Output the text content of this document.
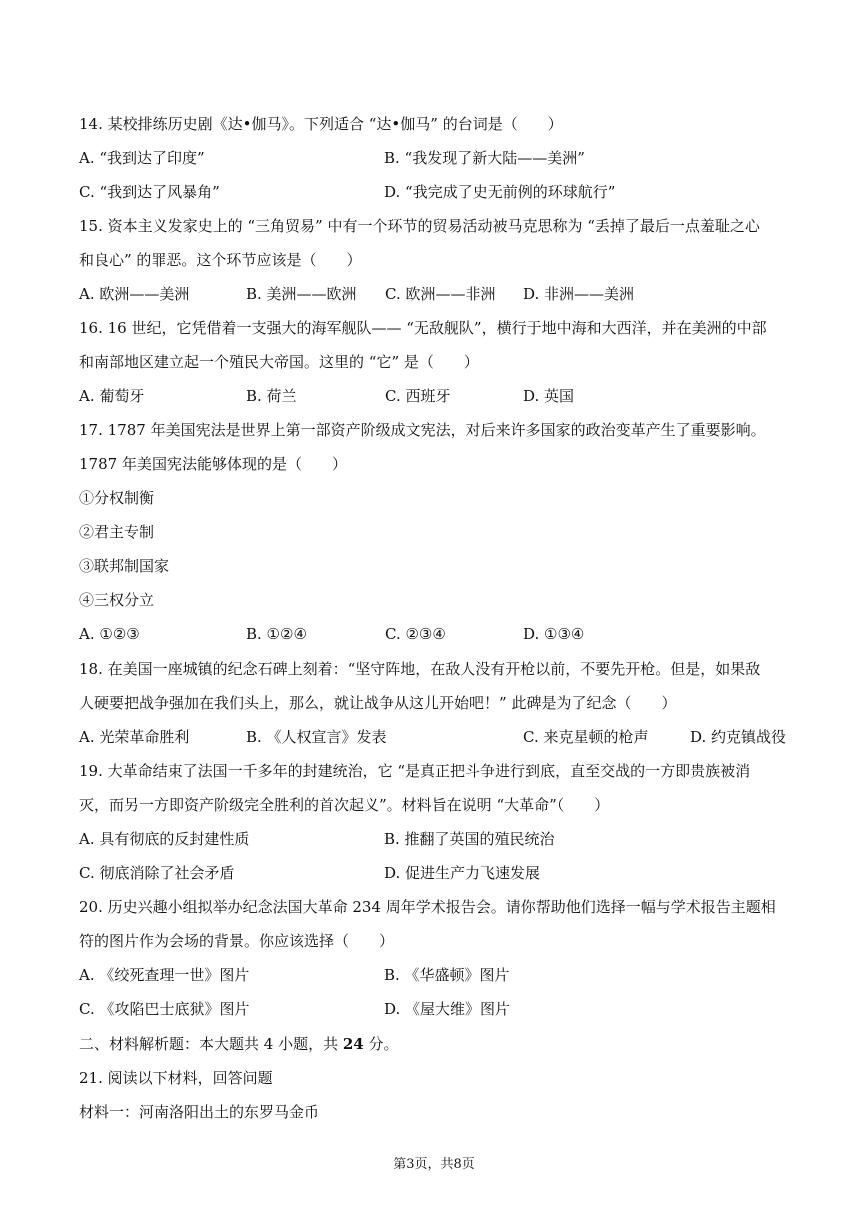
14. 某校排练历史剧《达•伽马》。下列适合 “达•伽马” 的台词是（　　）
A. “我到达了印度”	B. “我发现了新大陆——美洲”
C. “我到达了风暴角”	D. “我完成了史无前例的环球航行”
15. 资本主义发家史上的 “三角贸易” 中有一个环节的贸易活动被马克思称为 “丢掉了最后一点羞耻之心
和良心” 的罪恶。这个环节应该是（　　）
A. 欧洲——美洲	B. 美洲——欧洲 C. 欧洲——非洲 D. 非洲——美洲
16. 16 世纪，它凭借着一支强大的海军舰队—— “无敌舰队”，横行于地中海和大西洋，并在美洲的中部
和南部地区建立起一个殖民大帝国。这里的 “它” 是（　　）
A. 葡萄牙	B. 荷兰	C. 西班牙	D. 英国
17. 1787 年美国宪法是世界上第一部资产阶级成文宪法，对后来许多国家的政治变革产生了重要影响。
1787 年美国宪法能够体现的是（　　）
①分权制衡
②君主专制
③联邦制国家
④三权分立
A. ①②③	B. ①②④	C. ②③④	D. ①③④
18. 在美国一座城镇的纪念石碑上刻着：“坚守阵地，在敌人没有开枪以前，不要先开枪。但是，如果敌
人硬要把战争强加在我们头上，那么，就让战争从这儿开始吧！” 此碑是为了纪念（　　）
A. 光荣革命胜利	B. 《人权宣言》发表	C. 来克星顿的枪声	D. 约克镇战役
19. 大革命结束了法国一千多年的封建统治，它 “是真正把斗争进行到底，直至交战的一方即贵族被消
灭，而另一方即资产阶级完全胜利的首次起义”。材料旨在说明 “大革命”（　　）
A. 具有彻底的反封建性质	B. 推翻了英国的殖民统治
C. 彻底消除了社会矛盾	D. 促进生产力飞速发展
20. 历史兴趣小组拟举办纪念法国大革命 234 周年学术报告会。请你帮助他们选择一幅与学术报告主题相
符的图片作为会场的背景。你应该选择（　　）
A. 《绞死查理一世》图片	B. 《华盛顿》图片
C. 《攻陷巴士底狱》图片	D. 《屋大维》图片
二、材料解析题：本大题共 4 小题，共 24 分。
21. 阅读以下材料，回答问题
材料一：河南洛阳出土的东罗马金币
第3页，共8页
